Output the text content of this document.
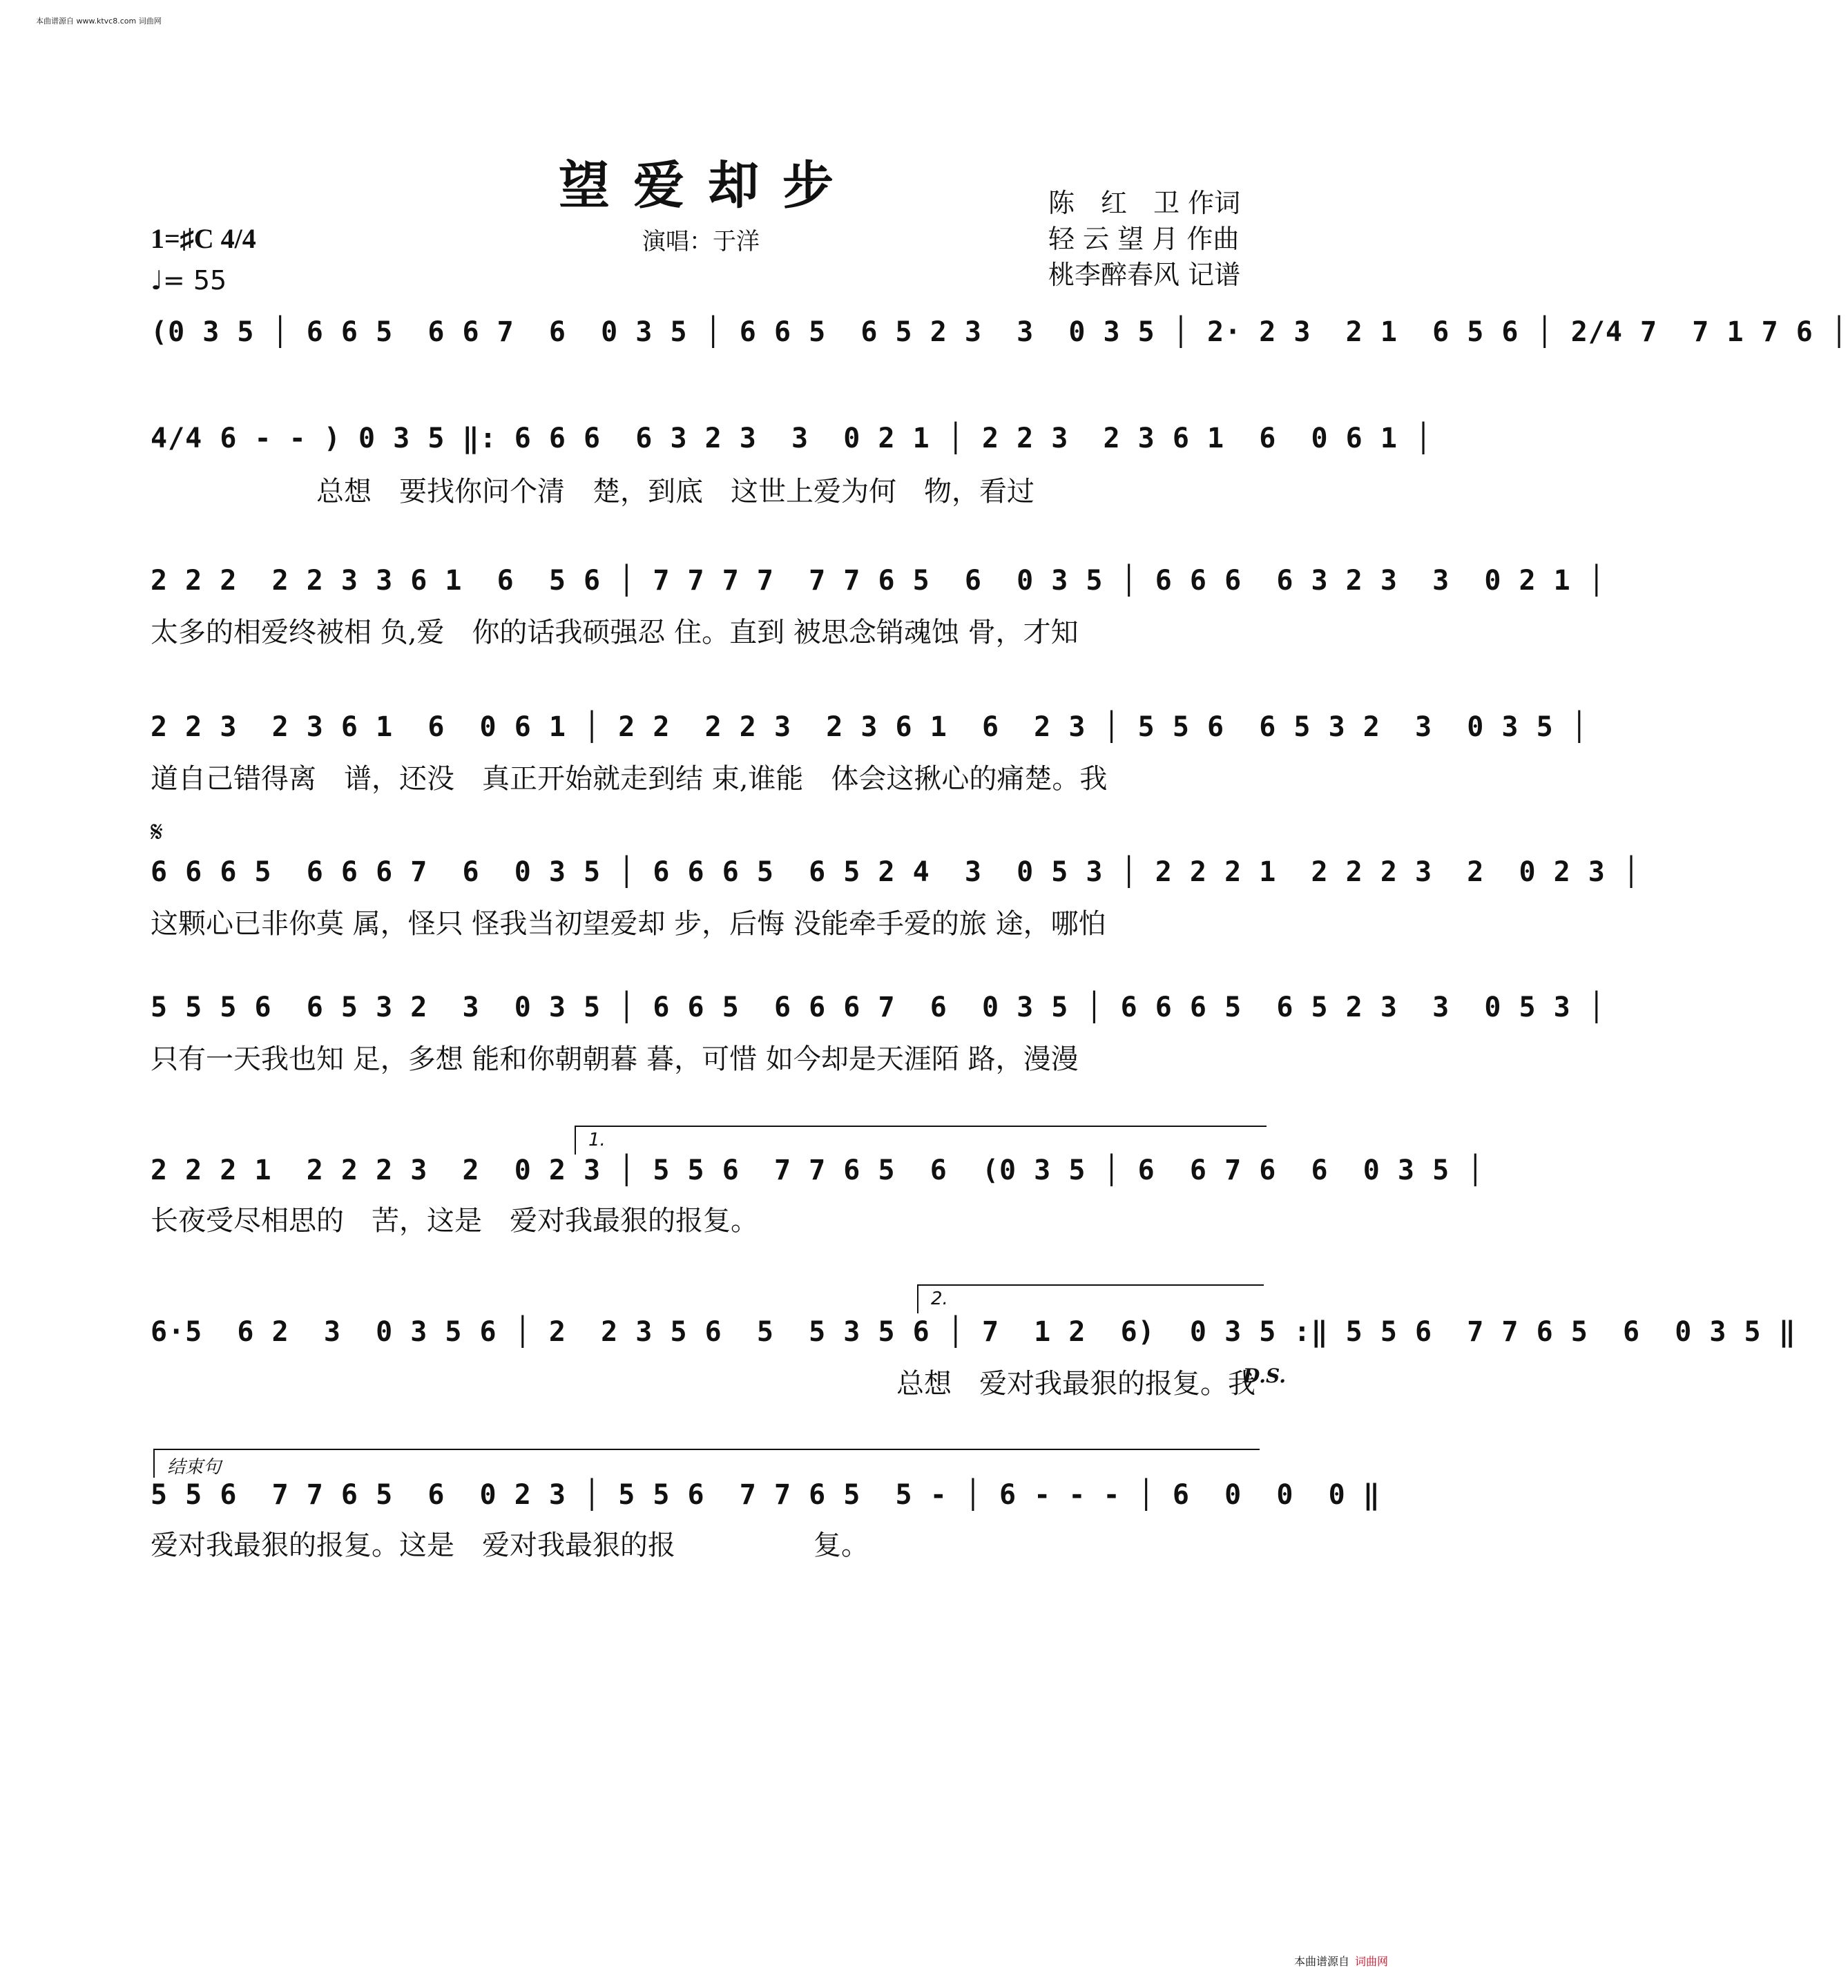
本曲谱源自 www.ktvc8.com 词曲网
望爱却步
演唱：于洋
陈　红　卫 作词
轻 云 望 月 作曲
桃李醉春风 记谱
1=♯C 4/4
♩= 55
(0 3 5 │ 6 6 5  6 6 7  6  0 3 5 │ 6 6 5  6 5 2 3  3  0 3 5 │ 2· 2 3  2 1  6 5 6 │ 2/4 7  7 1 7 6 │
4/4 6 - - ) 0 3 5 ‖: 6 6 6  6 3 2 3  3  0 2 1 │ 2 2 3  2 3 6 1  6  0 6 1 │
总想　要找你问个清　楚，到底　这世上爱为何　物，看过
2 2 2  2 2 3 3 6 1  6  5 6 │ 7 7 7 7  7 7 6 5  6  0 3 5 │ 6 6 6  6 3 2 3  3  0 2 1 │
太多的相爱终被相 负,爱　你的话我硕强忍 住。直到 被思念销魂蚀 骨，才知
2 2 3  2 3 6 1  6  0 6 1 │ 2 2  2 2 3  2 3 6 1  6  2 3 │ 5 5 6  6 5 3 2  3  0 3 5 │
道自己错得离　谱，还没　真正开始就走到结 束,谁能　体会这揪心的痛楚。我
𝄋
6 6 6 5  6 6 6 7  6  0 3 5 │ 6 6 6 5  6 5 2 4  3  0 5 3 │ 2 2 2 1  2 2 2 3  2  0 2 3 │
这颗心已非你莫 属，怪只 怪我当初望爱却 步，后悔 没能牵手爱的旅 途，哪怕
5 5 5 6  6 5 3 2  3  0 3 5 │ 6 6 5  6 6 6 7  6  0 3 5 │ 6 6 6 5  6 5 2 3  3  0 5 3 │
只有一天我也知 足，多想 能和你朝朝暮 暮，可惜 如今却是天涯陌 路，漫漫
1.
2 2 2 1  2 2 2 3  2  0 2 3 │ 5 5 6  7 7 6 5  6  (0 3 5 │ 6  6 7 6  6  0 3 5 │
长夜受尽相思的　苦，这是　爱对我最狠的报复。
2.
6·5  6 2  3  0 3 5 6 │ 2  2 3 5 6  5  5 3 5 6 │ 7  1 2  6)  0 3 5 :‖ 5 5 6  7 7 6 5  6  0 3 5 ‖
　　　　　　　　　　　　　　　　　　　　　　　　　　　总想　爱对我最狠的报复。我
D.S.
结束句
5 5 6  7 7 6 5  6  0 2 3 │ 5 5 6  7 7 6 5  5 - │ 6 - - - │ 6  0  0  0 ‖
爱对我最狠的报复。这是　爱对我最狠的报　　　　　复。
本曲谱源自 词曲网
